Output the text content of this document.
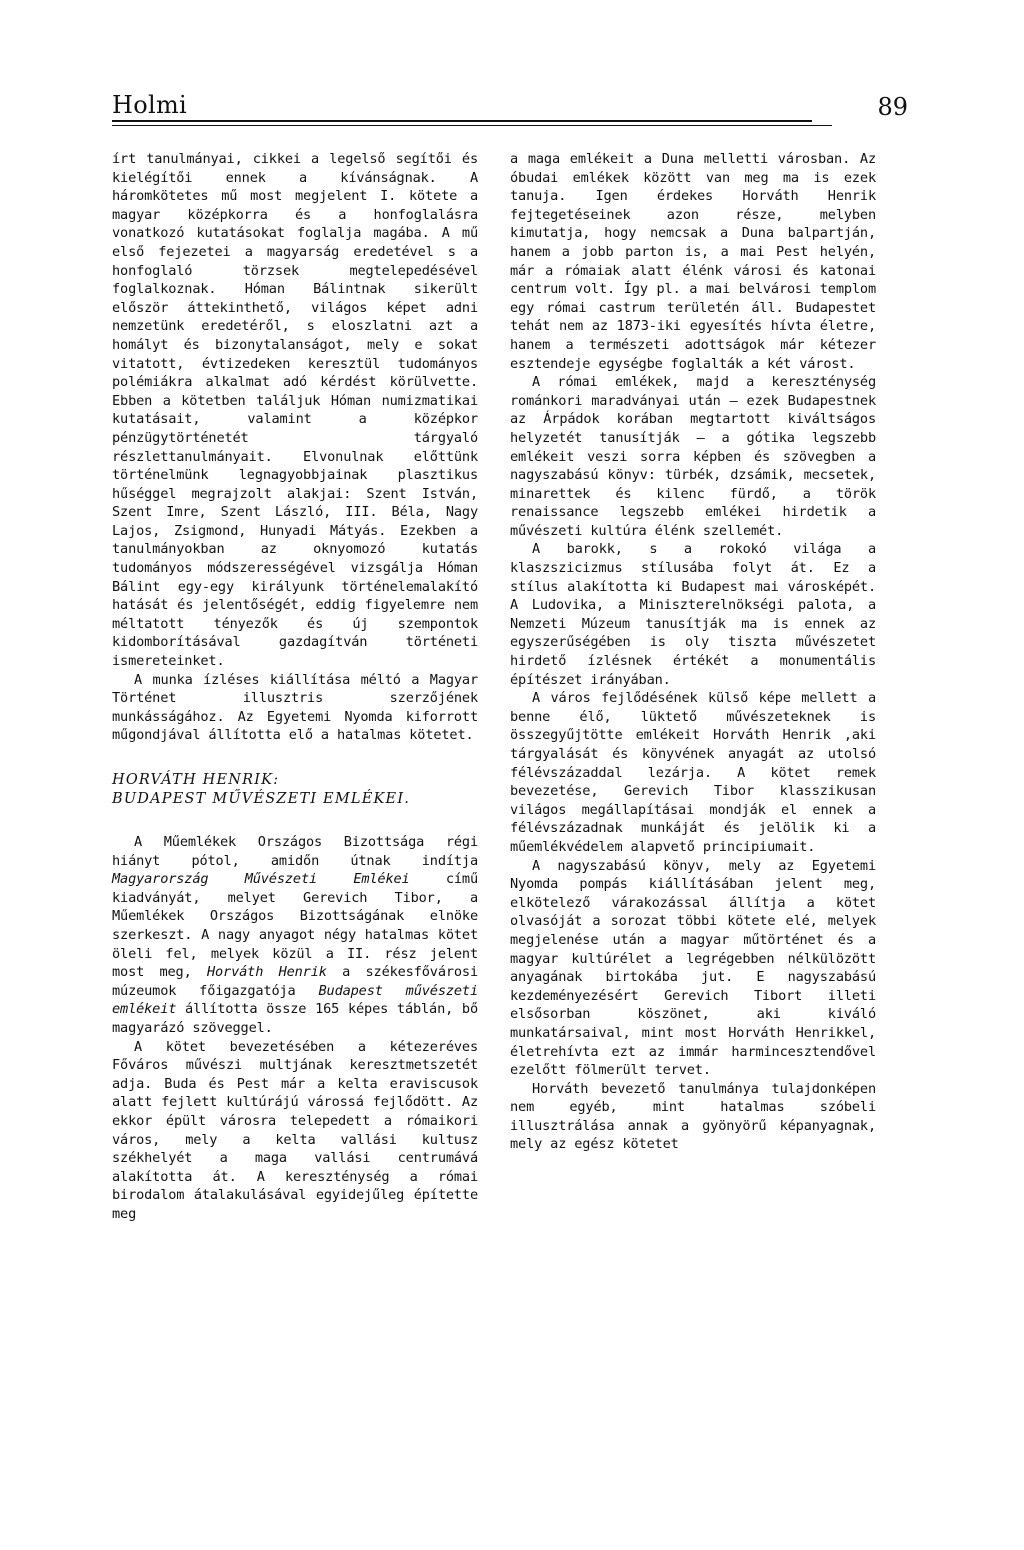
Holmi	89

írt tanulmányai, cikkei a legelső segítői és kielégítői ennek a kívánságnak. A háromkötetes mű most megjelent I. kötete a magyar középkorra és a honfoglalásra vonatkozó kutatásokat foglalja magába. A mű első fejezetei a magyarság eredetével s a honfoglaló törzsek megtelepedésével foglalkoznak. Hóman Bálintnak sikerült először áttekinthető, világos képet adni nemzetünk eredetéről, s eloszlatni azt a homályt és bizonytalanságot, mely e sokat vitatott, évtizedeken keresztül tudományos polémiákra alkalmat adó kérdést körülvette. Ebben a kötetben találjuk Hóman numizmatikai kutatásait, valamint a középkor pénzügytörténetét tárgyaló részlettanulmányait. Elvonulnak előttünk történelmünk legnagyobbjainak plasztikus hűséggel megrajzolt alakjai: Szent István, Szent Imre, Szent László, III. Béla, Nagy Lajos, Zsigmond, Hunyadi Mátyás. Ezekben a tanulmányokban az oknyomozó kutatás tudományos módszerességével vizsgálja Hóman Bálint egy-egy királyunk történelemalakító hatását és jelentőségét, eddig figyelemre nem méltatott tényezők és új szempontok kidomborításával gazdagítván történeti ismereteinket.

A munka ízléses kiállítása méltó a Magyar Történet illusztris szerzőjének munkásságához. Az Egyetemi Nyomda kiforrott műgondjával állította elő a hatalmas kötetet.

HORVÁTH HENRIK:
BUDAPEST MŰVÉSZETI EMLÉKEI.

A Műemlékek Országos Bizottsága régi hiányt pótol, amidőn útnak indítja Magyarország Művészeti Emlékei című kiadványát, melyet Gerevich Tibor, a Műemlékek Országos Bizottságának elnöke szerkeszt. A nagy anyagot négy hatalmas kötet öleli fel, melyek közül a II. rész jelent most meg, Horváth Henrik a székesfővárosi múzeumok főigazgatója Budapest művészeti emlékeit állította össze 165 képes táblán, bő magyarázó szöveggel.

A kötet bevezetésében a kétezeréves Főváros művészi multjának keresztmetszetét adja. Buda és Pest már a kelta eraviscusok alatt fejlett kultúrájú várossá fejlődött. Az ekkor épült városra telepedett a rómaikori város, mely a kelta vallási kultusz székhelyét a maga vallási centrumává alakította át. A kereszténység a római birodalom átalakulásával egyidejűleg építette meg

a maga emlékeit a Duna melletti városban. Az óbudai emlékek között van meg ma is ezek tanuja. Igen érdekes Horváth Henrik fejtegetéseinek azon része, melyben kimutatja, hogy nemcsak a Duna balpartján, hanem a jobb parton is, a mai Pest helyén, már a rómaiak alatt élénk városi és katonai centrum volt. Így pl. a mai belvárosi templom egy római castrum területén áll. Budapestet tehát nem az 1873-iki egyesítés hívta életre, hanem a természeti adottságok már kétezer esztendeje egységbe foglalták a két várost.

A római emlékek, majd a kereszténység románkori maradványai után — ezek Budapestnek az Árpádok korában megtartott kiváltságos helyzetét tanusítják — a gótika legszebb emlékeit veszi sorra képben és szövegben a nagyszabású könyv: türbék, dzsámik, mecsetek, minarettek és kilenc fürdő, a török renaissance legszebb emlékei hirdetik a művészeti kultúra élénk szellemét.

A barokk, s a rokokó világa a klaszszicizmus stílusába folyt át. Ez a stílus alakította ki Budapest mai városképét. A Ludovika, a Miniszterelnökségi palota, a Nemzeti Múzeum tanusítják ma is ennek az egyszerűségében is oly tiszta művészetet hirdető ízlésnek értékét a monumentális építészet irányában.

A város fejlődésének külső képe mellett a benne élő, lüktető művészeteknek is összegyűjtötte emlékeit Horváth Henrik ,aki tárgyalását és könyvének anyagát az utolsó félévszázaddal lezárja. A kötet remek bevezetése, Gerevich Tibor klasszikusan világos megállapításai mondják el ennek a félévszázadnak munkáját és jelölik ki a műemlékvédelem alapvető principiumait.

A nagyszabású könyv, mely az Egyetemi Nyomda pompás kiállításában jelent meg, elkötelező várakozással állítja a kötet olvasóját a sorozat többi kötete elé, melyek megjelenése után a magyar műtörténet és a magyar kultúrélet a legrégebben nélkülözött anyagának birtokába jut. E nagyszabású kezdeményezésért Gerevich Tibort illeti elsősorban köszönet, aki kiváló munkatársaival, mint most Horváth Henrikkel, életrehívta ezt az immár harmincesztendővel ezelőtt fölmerült tervet.

Horváth bevezető tanulmánya tulajdonképen nem egyéb, mint hatalmas szóbeli illusztrálása annak a gyönyörű képanyagnak, mely az egész kötetet
